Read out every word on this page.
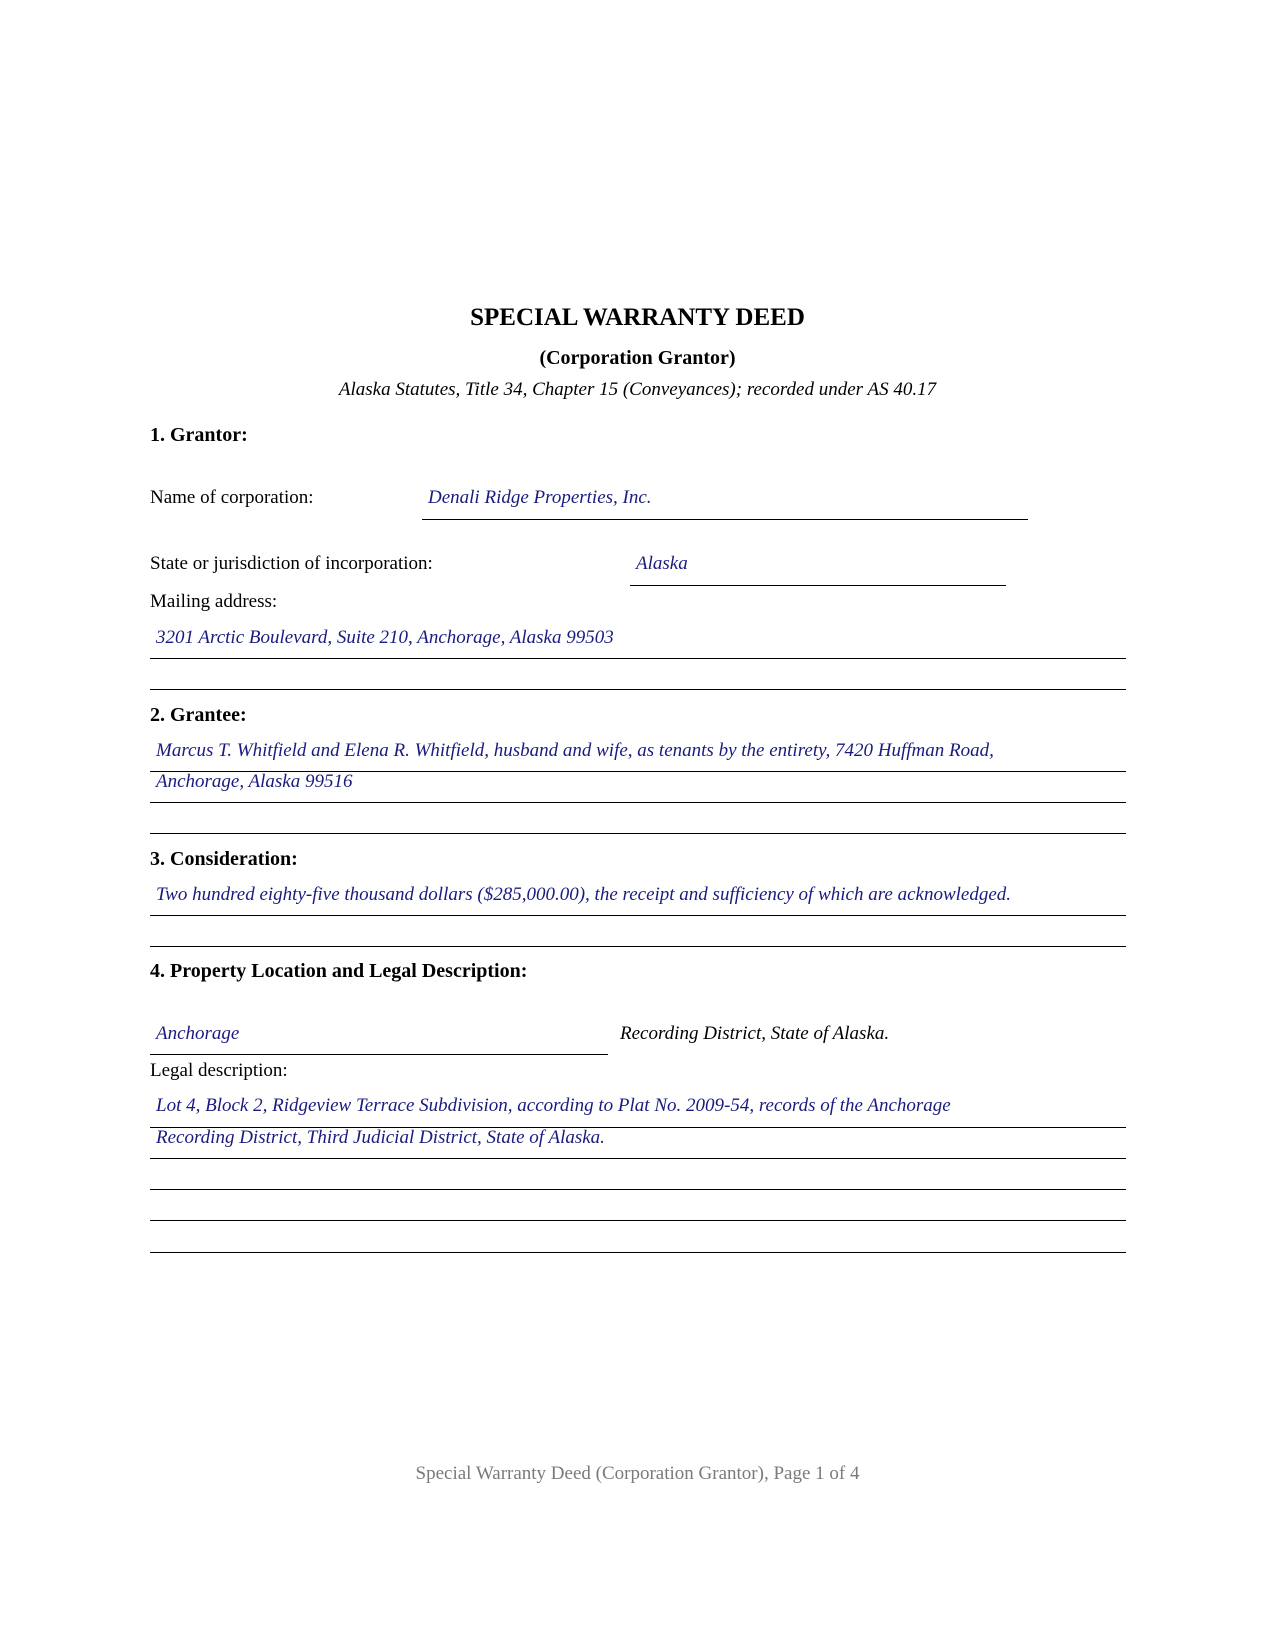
SPECIAL WARRANTY DEED
(Corporation Grantor)
Alaska Statutes, Title 34, Chapter 15 (Conveyances); recorded under AS 40.17
1. Grantor:
Name of corporation:	Denali Ridge Properties, Inc.
State or jurisdiction of incorporation:	Alaska
Mailing address:
3201 Arctic Boulevard, Suite 210, Anchorage, Alaska 99503
2. Grantee:
Marcus T. Whitfield and Elena R. Whitfield, husband and wife, as tenants by the entirety, 7420 Huffman Road,
Anchorage, Alaska 99516
3. Consideration:
Two hundred eighty-five thousand dollars ($285,000.00), the receipt and sufficiency of which are acknowledged.
4. Property Location and Legal Description:
Anchorage	Recording District, State of Alaska.
Legal description:
Lot 4, Block 2, Ridgeview Terrace Subdivision, according to Plat No. 2009-54, records of the Anchorage
Recording District, Third Judicial District, State of Alaska.
Special Warranty Deed (Corporation Grantor), Page 1 of 4
